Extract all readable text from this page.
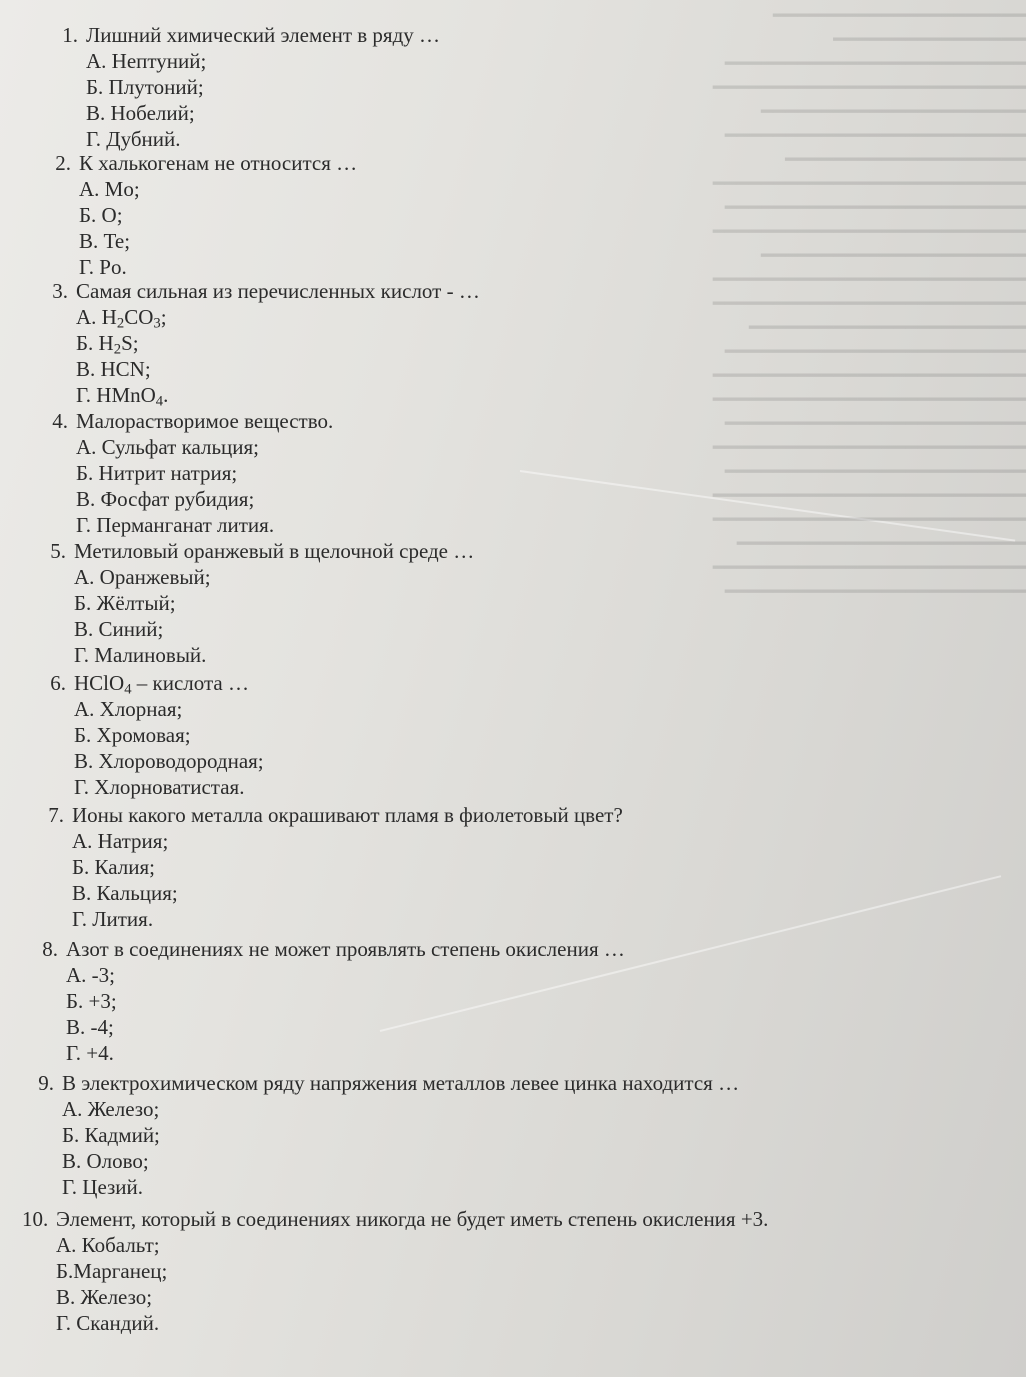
━━━━━━━━━━━━━━━━━━━━━
━━━━━━━━━━━━━━━━
━━━━━━━━━━━━━━━━━━━━━━━━━
━━━━━━━━━━━━━━━━━━━━━━━━━━
━━━━━━━━━━━━━━━━━━━━━━
━━━━━━━━━━━━━━━━━━━━━━━━━
━━━━━━━━━━━━━━━━━━━━
━━━━━━━━━━━━━━━━━━━━━━━━━━
━━━━━━━━━━━━━━━━━━━━━━━━━
━━━━━━━━━━━━━━━━━━━━━━━━━━
━━━━━━━━━━━━━━━━━━━━━━
━━━━━━━━━━━━━━━━━━━━━━━━━━
━━━━━━━━━━━━━━━━━━━━━━━━━━
━━━━━━━━━━━━━━━━━━━━━━━
━━━━━━━━━━━━━━━━━━━━━━━━━
━━━━━━━━━━━━━━━━━━━━━━━━━━
━━━━━━━━━━━━━━━━━━━━━━━━━━
━━━━━━━━━━━━━━━━━━━━━━━━━
━━━━━━━━━━━━━━━━━━━━━━━━━━
━━━━━━━━━━━━━━━━━━━━━━━━━
━━━━━━━━━━━━━━━━━━━━━━━━━━
━━━━━━━━━━━━━━━━━━━━━━━━━━
━━━━━━━━━━━━━━━━━━━━━━━━
━━━━━━━━━━━━━━━━━━━━━━━━━━
━━━━━━━━━━━━━━━━━━━━━━━━━
1. Лишний химический элемент в ряду …
А. Нептуний;
Б. Плутоний;
В. Нобелий;
Г. Дубний.
2. К халькогенам не относится …
А. Mo;
Б. O;
В. Te;
Г. Po.
3. Самая сильная из перечисленных кислот - …
А. $H_2CO_3$;
Б. $H_2S$;
В. HCN;
Г. HMnO$_4$.
4. Малорастворимое вещество.
А. Сульфат кальция;
Б. Нитрит натрия;
В. Фосфат рубидия;
Г. Перманганат лития.
5. Метиловый оранжевый в щелочной среде …
А. Оранжевый;
Б. Жёлтый;
В. Синий;
Г. Малиновый.
6. HClO$_4$ – кислота …
А. Хлорная;
Б. Хромовая;
В. Хлороводородная;
Г. Хлорноватистая.
7. Ионы какого металла окрашивают пламя в фиолетовый цвет?
А. Натрия;
Б. Калия;
В. Кальция;
Г. Лития.
8. Азот в соединениях не может проявлять степень окисления …
А. -3;
Б. +3;
В. -4;
Г. +4.
9. В электрохимическом ряду напряжения металлов левее цинка находится …
А. Железо;
Б. Кадмий;
В. Олово;
Г. Цезий.
10. Элемент, который в соединениях никогда не будет иметь степень окисления +3.
А. Кобальт;
Б.Марганец;
В. Железо;
Г. Скандий.
